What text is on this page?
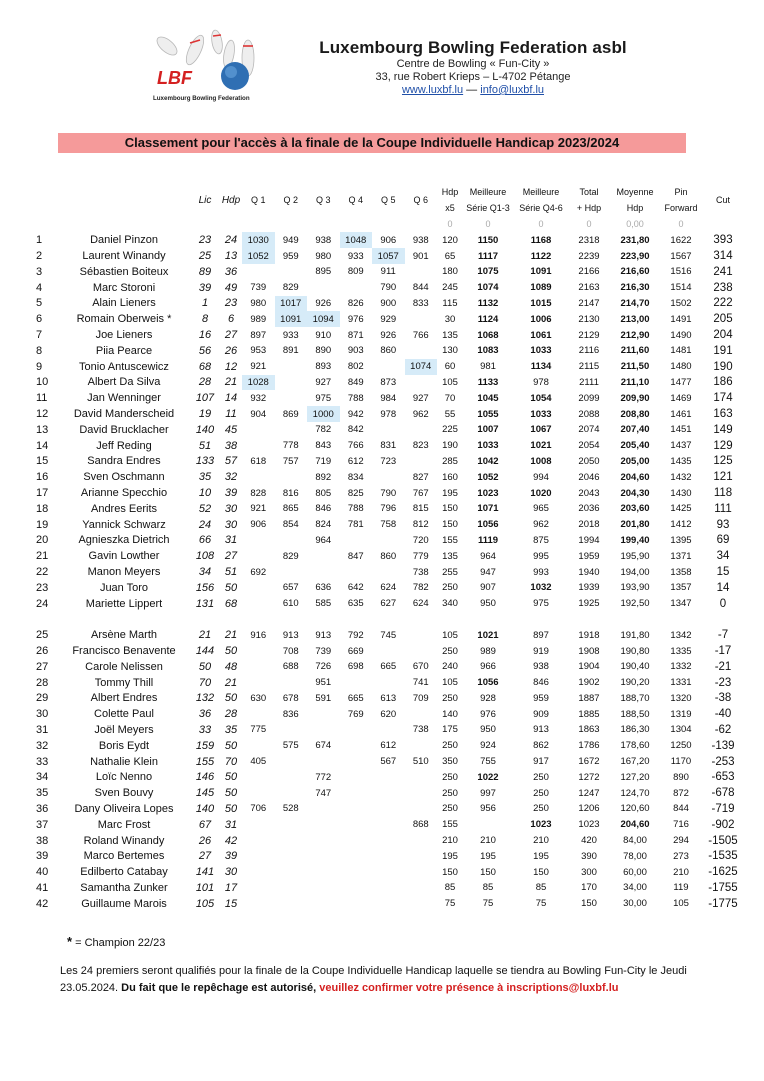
LBF
Luxembourg Bowling Federation
Luxembourg Bowling Federation asbl
Centre de Bowling « Fun-City »
33, rue Robert Krieps – L-4702 Pétange
www.luxbf.lu — info@luxbf.lu
Classement pour l'accès à la finale de la Coupe Individuelle Handicap 2023/2024
		Lic	Hdp	Q 1	Q 2	Q 3	Q 4	Q 5	Q 6	Hdp	Meilleure	Meilleure	Total	Moyenne	Pin	Cut
										x5	Série Q1-3	Série Q4-6	+ Hdp	Hdp	Forward	
										0	0	0	0	0,00	0	
1	Daniel Pinzon	23	24	1030	949	938	1048	906	938	120	1150	1168	2318	231,80	1622	393
2	Laurent Winandy	25	13	1052	959	980	933	1057	901	65	1117	1122	2239	223,90	1567	314
3	Sébastien Boiteux	89	36			895	809	911		180	1075	1091	2166	216,60	1516	241
4	Marc Storoni	39	49	739	829			790	844	245	1074	1089	2163	216,30	1514	238
5	Alain Lieners	1	23	980	1017	926	826	900	833	115	1132	1015	2147	214,70	1502	222
6	Romain Oberweis *	8	6	989	1091	1094	976	929		30	1124	1006	2130	213,00	1491	205
7	Joe Lieners	16	27	897	933	910	871	926	766	135	1068	1061	2129	212,90	1490	204
8	Piia Pearce	56	26	953	891	890	903	860		130	1083	1033	2116	211,60	1481	191
9	Tonio Antuscewicz	68	12	921		893	802		1074	60	981	1134	2115	211,50	1480	190
10	Albert Da Silva	28	21	1028		927	849	873		105	1133	978	2111	211,10	1477	186
11	Jan Wenninger	107	14	932		975	788	984	927	70	1045	1054	2099	209,90	1469	174
12	David Manderscheid	19	11	904	869	1000	942	978	962	55	1055	1033	2088	208,80	1461	163
13	David Brucklacher	140	45			782	842			225	1007	1067	2074	207,40	1451	149
14	Jeff Reding	51	38		778	843	766	831	823	190	1033	1021	2054	205,40	1437	129
15	Sandra Endres	133	57	618	757	719	612	723		285	1042	1008	2050	205,00	1435	125
16	Sven Oschmann	35	32			892	834		827	160	1052	994	2046	204,60	1432	121
17	Arianne Specchio	10	39	828	816	805	825	790	767	195	1023	1020	2043	204,30	1430	118
18	Andres Eerits	52	30	921	865	846	788	796	815	150	1071	965	2036	203,60	1425	111
19	Yannick Schwarz	24	30	906	854	824	781	758	812	150	1056	962	2018	201,80	1412	93
20	Agnieszka Dietrich	66	31			964			720	155	1119	875	1994	199,40	1395	69
21	Gavin Lowther	108	27		829		847	860	779	135	964	995	1959	195,90	1371	34
22	Manon Meyers	34	51	692					738	255	947	993	1940	194,00	1358	15
23	Juan Toro	156	50		657	636	642	624	782	250	907	1032	1939	193,90	1357	14
24	Mariette Lippert	131	68		610	585	635	627	624	340	950	975	1925	192,50	1347	0

25	Arsène Marth	21	21	916	913	913	792	745		105	1021	897	1918	191,80	1342	-7
26	Francisco Benavente	144	50		708	739	669			250	989	919	1908	190,80	1335	-17
27	Carole Nelissen	50	48		688	726	698	665	670	240	966	938	1904	190,40	1332	-21
28	Tommy Thill	70	21			951			741	105	1056	846	1902	190,20	1331	-23
29	Albert Endres	132	50	630	678	591	665	613	709	250	928	959	1887	188,70	1320	-38
30	Colette Paul	36	28		836		769	620		140	976	909	1885	188,50	1319	-40
31	Joël Meyers	33	35	775					738	175	950	913	1863	186,30	1304	-62
32	Boris Eydt	159	50		575	674		612		250	924	862	1786	178,60	1250	-139
33	Nathalie Klein	155	70	405				567	510	350	755	917	1672	167,20	1170	-253
34	Loïc Nenno	146	50			772				250	1022	250	1272	127,20	890	-653
35	Sven Bouvy	145	50			747				250	997	250	1247	124,70	872	-678
36	Dany Oliveira Lopes	140	50	706	528					250	956	250	1206	120,60	844	-719
37	Marc Frost	67	31						868	155		1023	1023	204,60	716	-902
38	Roland Winandy	26	42							210	210	210	420	84,00	294	-1505
39	Marco Bertemes	27	39							195	195	195	390	78,00	273	-1535
40	Edilberto Catabay	141	30							150	150	150	300	60,00	210	-1625
41	Samantha Zunker	101	17							85	85	85	170	34,00	119	-1755
42	Guillaume Marois	105	15							75	75	75	150	30,00	105	-1775
* = Champion 22/23
Les 24 premiers seront qualifiés pour la finale de la Coupe Individuelle Handicap laquelle se tiendra au Bowling Fun-City le Jeudi 23.05.2024. Du fait que le repêchage est autorisé, veuillez confirmer votre présence à inscriptions@luxbf.lu
